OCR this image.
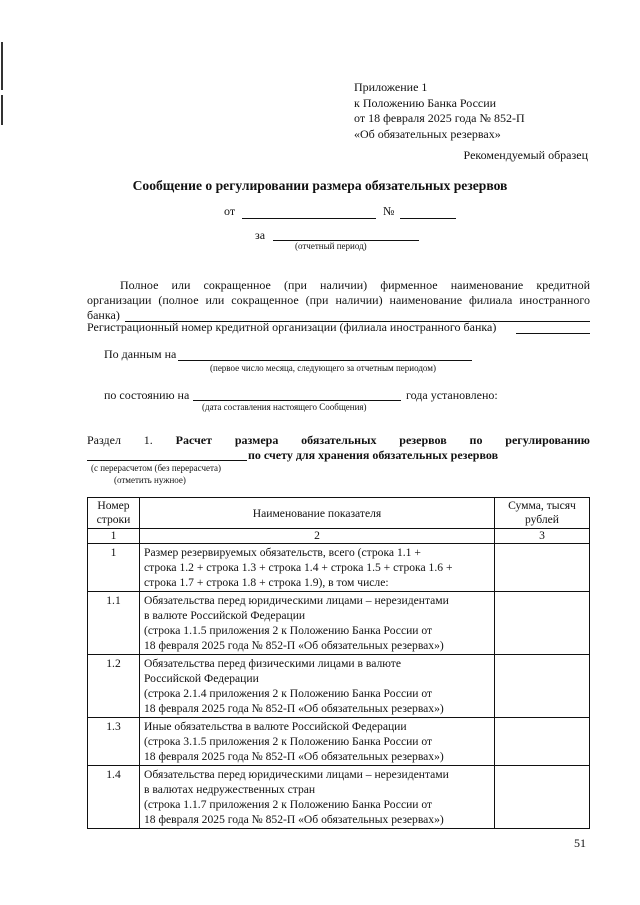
Приложение 1
к Положению Банка России
от 18 февраля 2025 года № 852-П
«Об обязательных резервах»
Рекомендуемый образец
Сообщение о регулировании размера обязательных резервов
от	№
за
(отчетный период)
Полное или сокращенное (при наличии) фирменное наименование кредитной
организации (полное или сокращенное (при наличии) наименование филиала иностранного
банка)
Регистрационный номер кредитной организации (филиала иностранного банка)
По данным на
(первое число месяца, следующего за отчетным периодом)
по состоянию на	года установлено:
(дата составления настоящего Сообщения)
Раздел 1. Расчет размера обязательных резервов по регулированию
по счету для хранения обязательных резервов
(с перерасчетом (без перерасчета)
(отметить нужное)
Номер строки	Наименование показателя	Сумма, тысяч рублей
1	2	3
1	Размер резервируемых обязательств, всего (строка 1.1 +
строка 1.2 + строка 1.3 + строка 1.4 + строка 1.5 + строка 1.6 +
строка 1.7 + строка 1.8 + строка 1.9), в том числе:	

1.1	Обязательства перед юридическими лицами – нерезидентами
в валюте Российской Федерации
(строка 1.1.5 приложения 2 к Положению Банка России от
18 февраля 2025 года № 852-П «Об обязательных резервах»)	

1.2	Обязательства перед физическими лицами в валюте
Российской Федерации
(строка 2.1.4 приложения 2 к Положению Банка России от
18 февраля 2025 года № 852-П «Об обязательных резервах»)	

1.3	Иные обязательства в валюте Российской Федерации
(строка 3.1.5 приложения 2 к Положению Банка России от
18 февраля 2025 года № 852-П «Об обязательных резервах»)	

1.4	Обязательства перед юридическими лицами – нерезидентами
в валютах недружественных стран
(строка 1.1.7 приложения 2 к Положению Банка России от
18 февраля 2025 года № 852-П «Об обязательных резервах»)	

51
